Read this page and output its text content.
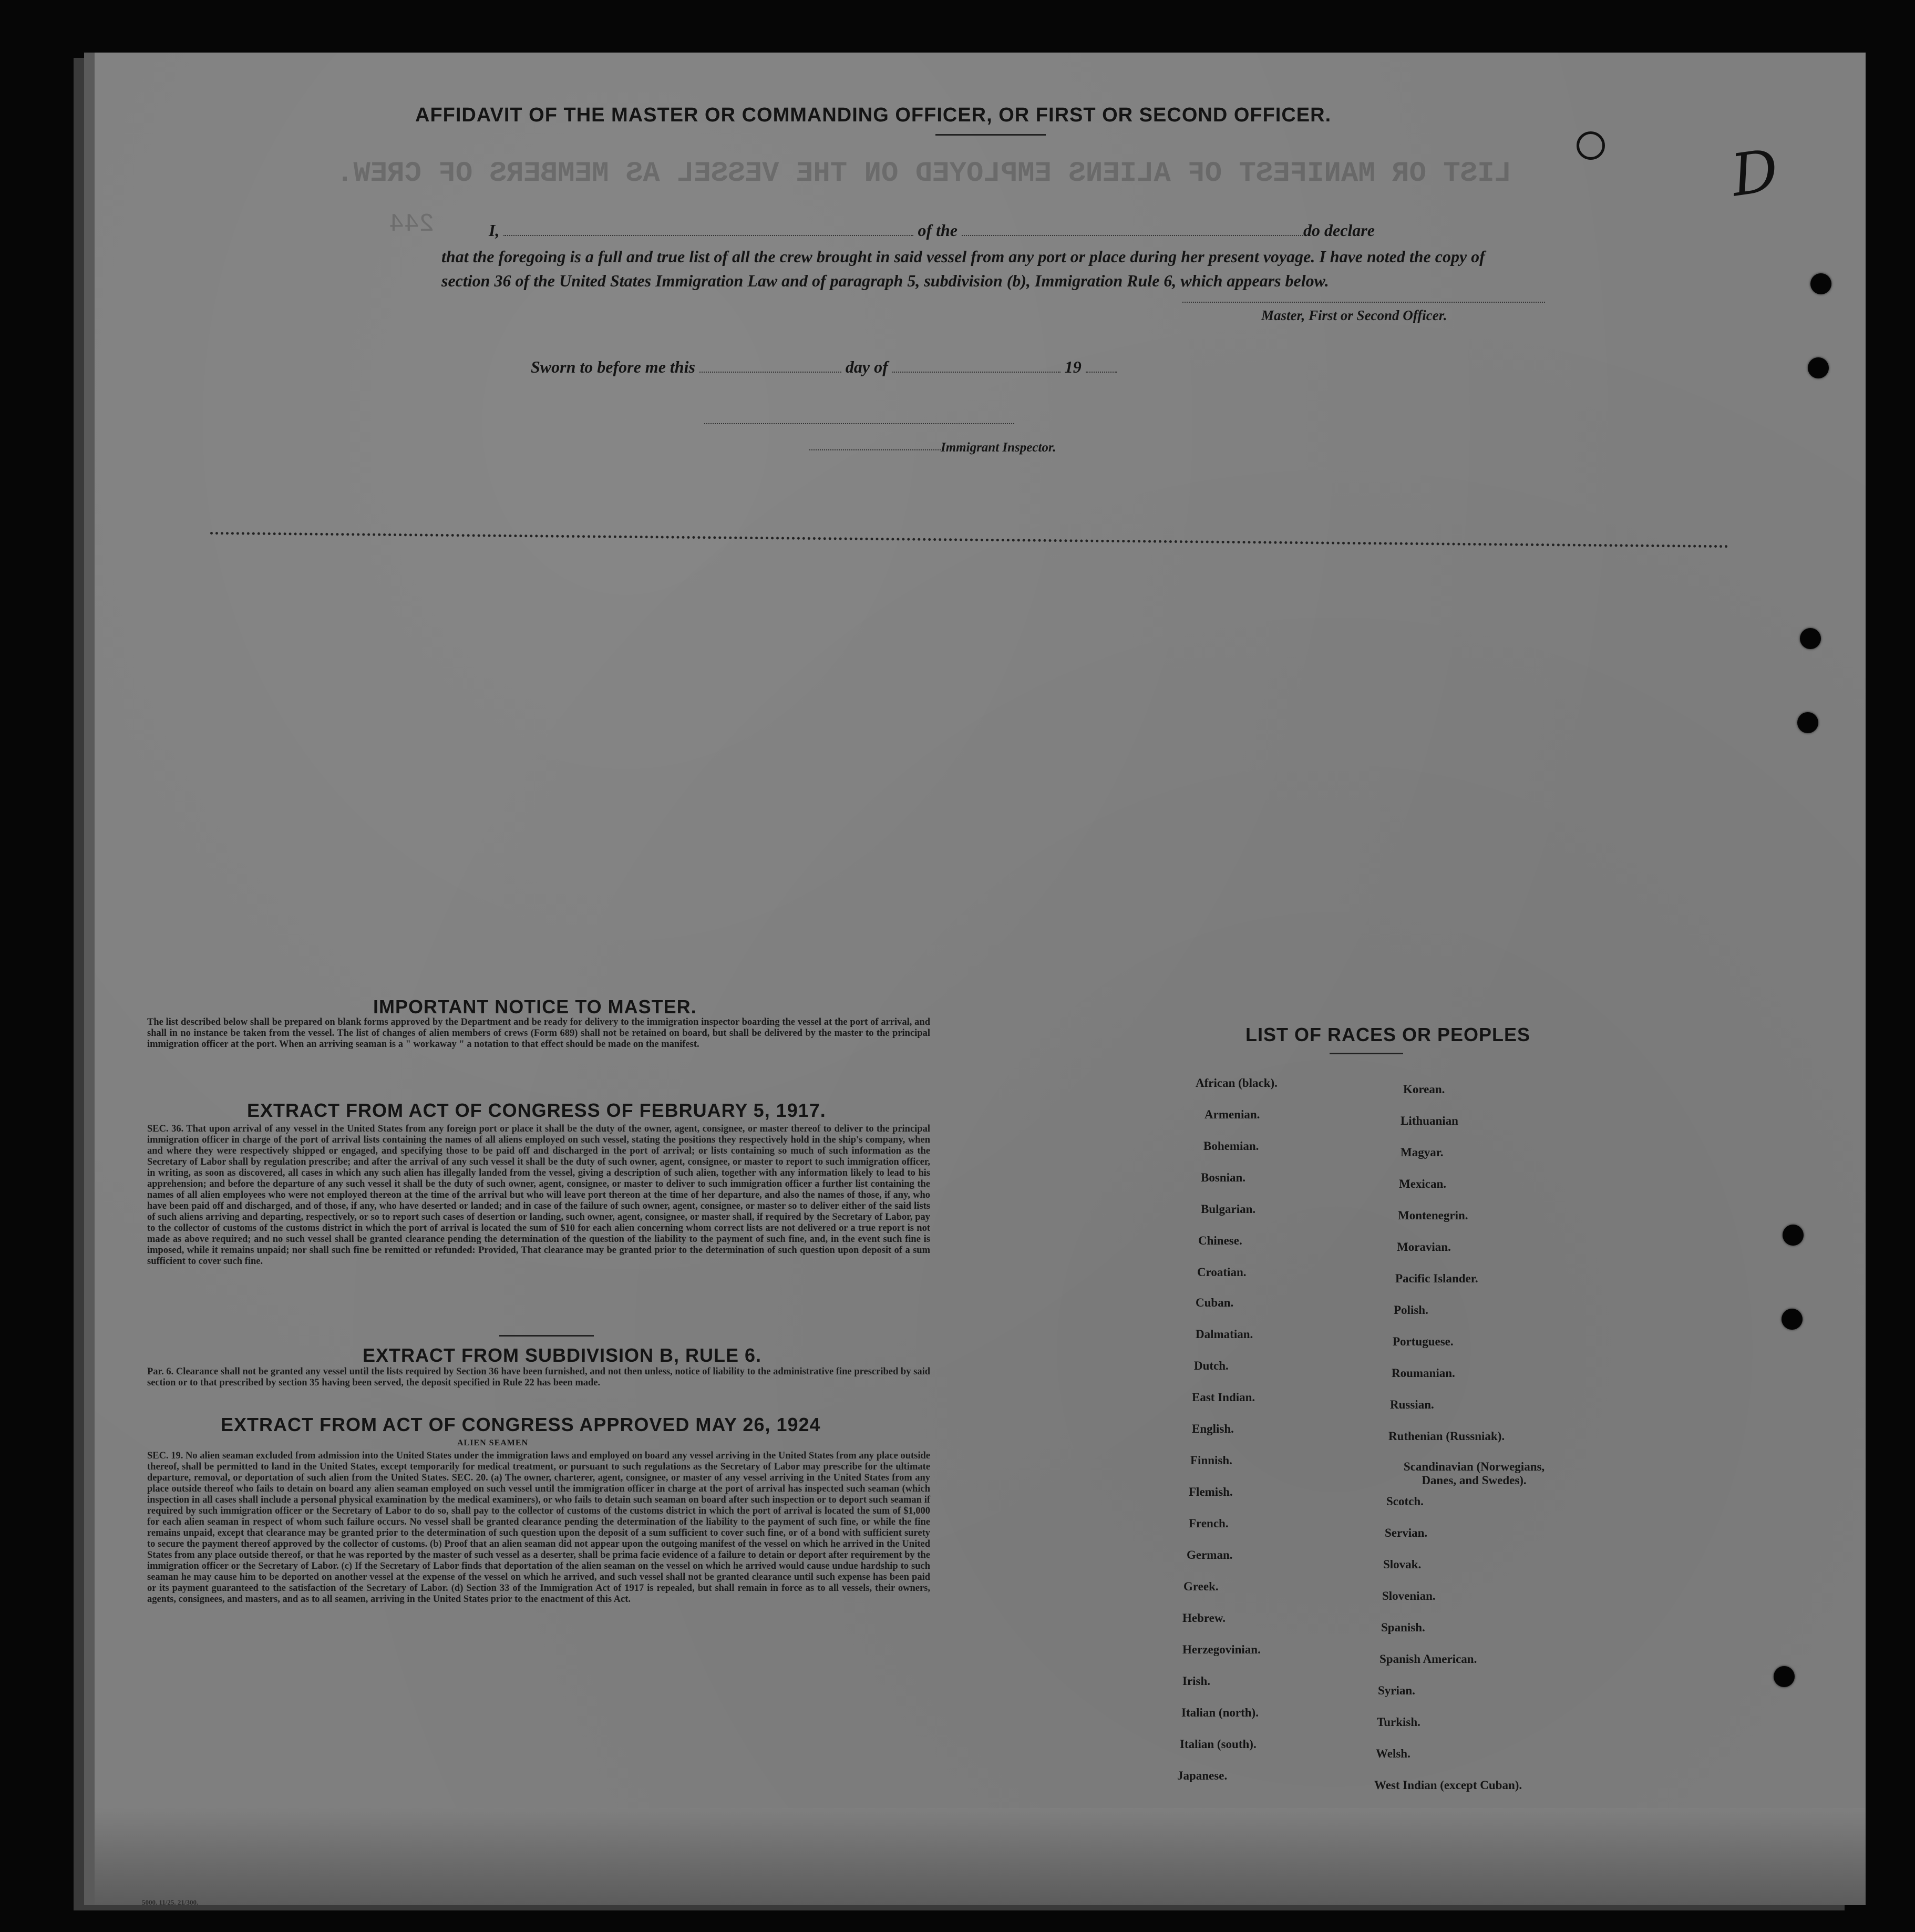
LIST OR MANIFEST OF ALIENS EMPLOYED ON THE VESSEL AS MEMBERS OF CREW.
244
AFFIDAVIT OF THE MASTER OR COMMANDING OFFICER, OR FIRST OR SECOND OFFICER.
I,	of the	do declare
that the foregoing is a full and true list of all the crew brought in said vessel from any port or place during her present voyage. I have noted the copy of section 36 of the United States Immigration Law and of paragraph 5, subdivision (b), Immigration Rule 6, which appears below.
Master, First or Second Officer.
Sworn to before me this	day of	19
Immigrant Inspector.
IMPORTANT NOTICE TO MASTER.
The list described below shall be prepared on blank forms approved by the Department and be ready for delivery to the immigration inspector boarding the vessel at the port of arrival, and shall in no instance be taken from the vessel. The list of changes of alien members of crews (Form 689) shall not be retained on board, but shall be delivered by the master to the principal immigration officer at the port. When an arriving seaman is a " workaway " a notation to that effect should be made on the manifest.
EXTRACT FROM ACT OF CONGRESS OF FEBRUARY 5, 1917.
SEC. 36. That upon arrival of any vessel in the United States from any foreign port or place it shall be the duty of the owner, agent, consignee, or master thereof to deliver to the principal immigration officer in charge of the port of arrival lists containing the names of all aliens employed on such vessel, stating the positions they respectively hold in the ship's company, when and where they were respectively shipped or engaged, and specifying those to be paid off and discharged in the port of arrival; or lists containing so much of such information as the Secretary of Labor shall by regulation prescribe; and after the arrival of any such vessel it shall be the duty of such owner, agent, consignee, or master to report to such immigration officer, in writing, as soon as discovered, all cases in which any such alien has illegally landed from the vessel, giving a description of such alien, together with any information likely to lead to his apprehension; and before the departure of any such vessel it shall be the duty of such owner, agent, consignee, or master to deliver to such immigration officer a further list containing the names of all alien employees who were not employed thereon at the time of the arrival but who will leave port thereon at the time of her departure, and also the names of those, if any, who have been paid off and discharged, and of those, if any, who have deserted or landed; and in case of the failure of such owner, agent, consignee, or master so to deliver either of the said lists of such aliens arriving and departing, respectively, or so to report such cases of desertion or landing, such owner, agent, consignee, or master shall, if required by the Secretary of Labor, pay to the collector of customs of the customs district in which the port of arrival is located the sum of $10 for each alien concerning whom correct lists are not delivered or a true report is not made as above required; and no such vessel shall be granted clearance pending the determination of the question of the liability to the payment of such fine, and, in the event such fine is imposed, while it remains unpaid; nor shall such fine be remitted or refunded: Provided, That clearance may be granted prior to the determination of such question upon deposit of a sum sufficient to cover such fine.
EXTRACT FROM SUBDIVISION B, RULE 6.
Par. 6. Clearance shall not be granted any vessel until the lists required by Section 36 have been furnished, and not then unless, notice of liability to the administrative fine prescribed by said section or to that prescribed by section 35 having been served, the deposit specified in Rule 22 has been made.
EXTRACT FROM ACT OF CONGRESS APPROVED MAY 26, 1924
ALIEN SEAMEN
SEC. 19. No alien seaman excluded from admission into the United States under the immigration laws and employed on board any vessel arriving in the United States from any place outside thereof, shall be permitted to land in the United States, except temporarily for medical treatment, or pursuant to such regulations as the Secretary of Labor may prescribe for the ultimate departure, removal, or deportation of such alien from the United States. SEC. 20. (a) The owner, charterer, agent, consignee, or master of any vessel arriving in the United States from any place outside thereof who fails to detain on board any alien seaman employed on such vessel until the immigration officer in charge at the port of arrival has inspected such seaman (which inspection in all cases shall include a personal physical examination by the medical examiners), or who fails to detain such seaman on board after such inspection or to deport such seaman if required by such immigration officer or the Secretary of Labor to do so, shall pay to the collector of customs of the customs district in which the port of arrival is located the sum of $1,000 for each alien seaman in respect of whom such failure occurs. No vessel shall be granted clearance pending the determination of the liability to the payment of such fine, or while the fine remains unpaid, except that clearance may be granted prior to the determination of such question upon the deposit of a sum sufficient to cover such fine, or of a bond with sufficient surety to secure the payment thereof approved by the collector of customs. (b) Proof that an alien seaman did not appear upon the outgoing manifest of the vessel on which he arrived in the United States from any place outside thereof, or that he was reported by the master of such vessel as a deserter, shall be prima facie evidence of a failure to detain or deport after requirement by the immigration officer or the Secretary of Labor. (c) If the Secretary of Labor finds that deportation of the alien seaman on the vessel on which he arrived would cause undue hardship to such seaman he may cause him to be deported on another vessel at the expense of the vessel on which he arrived, and such vessel shall not be granted clearance until such expense has been paid or its payment guaranteed to the satisfaction of the Secretary of Labor. (d) Section 33 of the Immigration Act of 1917 is repealed, but shall remain in force as to all vessels, their owners, agents, consignees, and masters, and as to all seamen, arriving in the United States prior to the enactment of this Act.
LIST OF RACES OR PEOPLES
African (black).
Armenian.
Bohemian.
Bosnian.
Bulgarian.
Chinese.
Croatian.
Cuban.
Dalmatian.
Dutch.
East Indian.
English.
Finnish.
Flemish.
French.
German.
Greek.
Hebrew.
Herzegovinian.
Irish.
Italian (north).
Italian (south).
Japanese.
Korean.
Lithuanian
Magyar.
Mexican.
Montenegrin.
Moravian.
Pacific Islander.
Polish.
Portuguese.
Roumanian.
Russian.
Ruthenian (Russniak).
Scandinavian (Norwegians, Danes, and Swedes).
Scotch.
Servian.
Slovak.
Slovenian.
Spanish.
Spanish American.
Syrian.
Turkish.
Welsh.
West Indian (except Cuban).
D
5000. 11/25. 21/300.
